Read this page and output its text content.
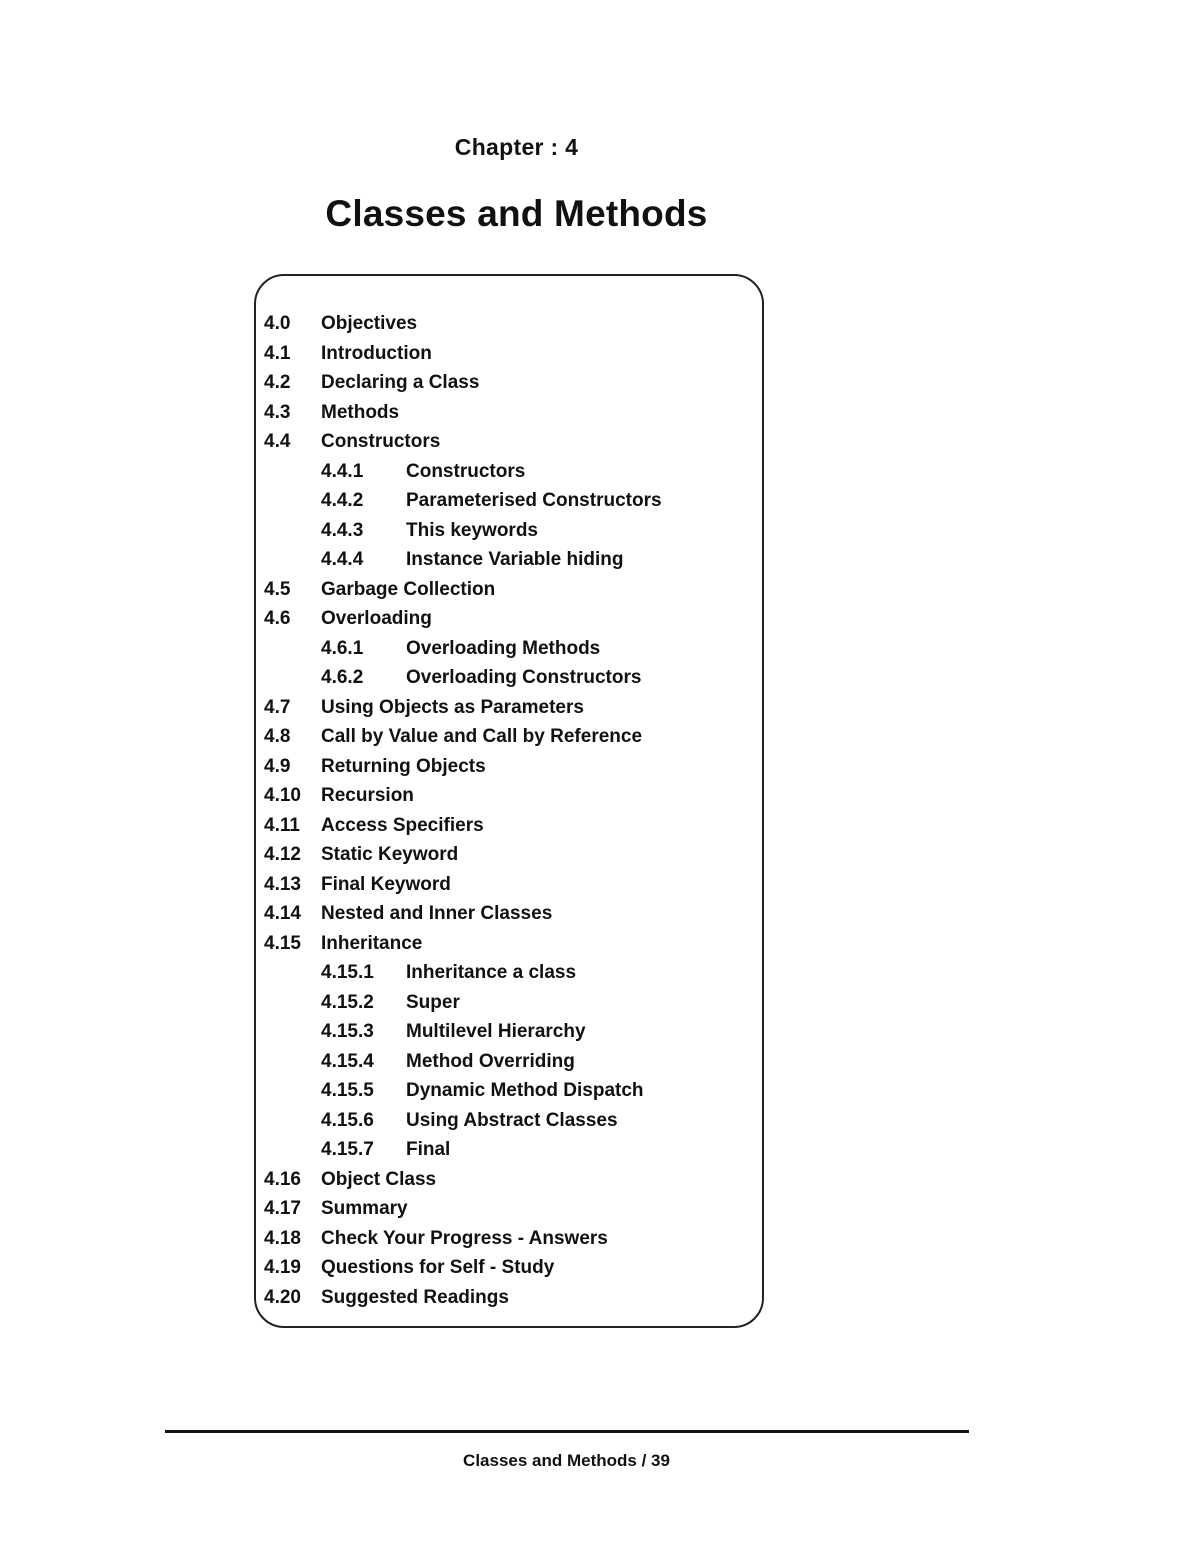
Chapter : 4
Classes and Methods
4.0 Objectives
4.1 Introduction
4.2 Declaring a Class
4.3 Methods
4.4 Constructors
4.4.1 Constructors
4.4.2 Parameterised Constructors
4.4.3 This keywords
4.4.4 Instance Variable hiding
4.5 Garbage Collection
4.6 Overloading
4.6.1 Overloading Methods
4.6.2 Overloading Constructors
4.7 Using Objects as Parameters
4.8 Call by Value and Call by Reference
4.9 Returning Objects
4.10 Recursion
4.11 Access Specifiers
4.12 Static Keyword
4.13 Final Keyword
4.14 Nested and Inner Classes
4.15 Inheritance
4.15.1 Inheritance a class
4.15.2 Super
4.15.3 Multilevel Hierarchy
4.15.4 Method Overriding
4.15.5 Dynamic Method Dispatch
4.15.6 Using Abstract Classes
4.15.7 Final
4.16 Object Class
4.17 Summary
4.18 Check Your Progress - Answers
4.19 Questions for Self - Study
4.20 Suggested Readings
Classes and Methods / 39
